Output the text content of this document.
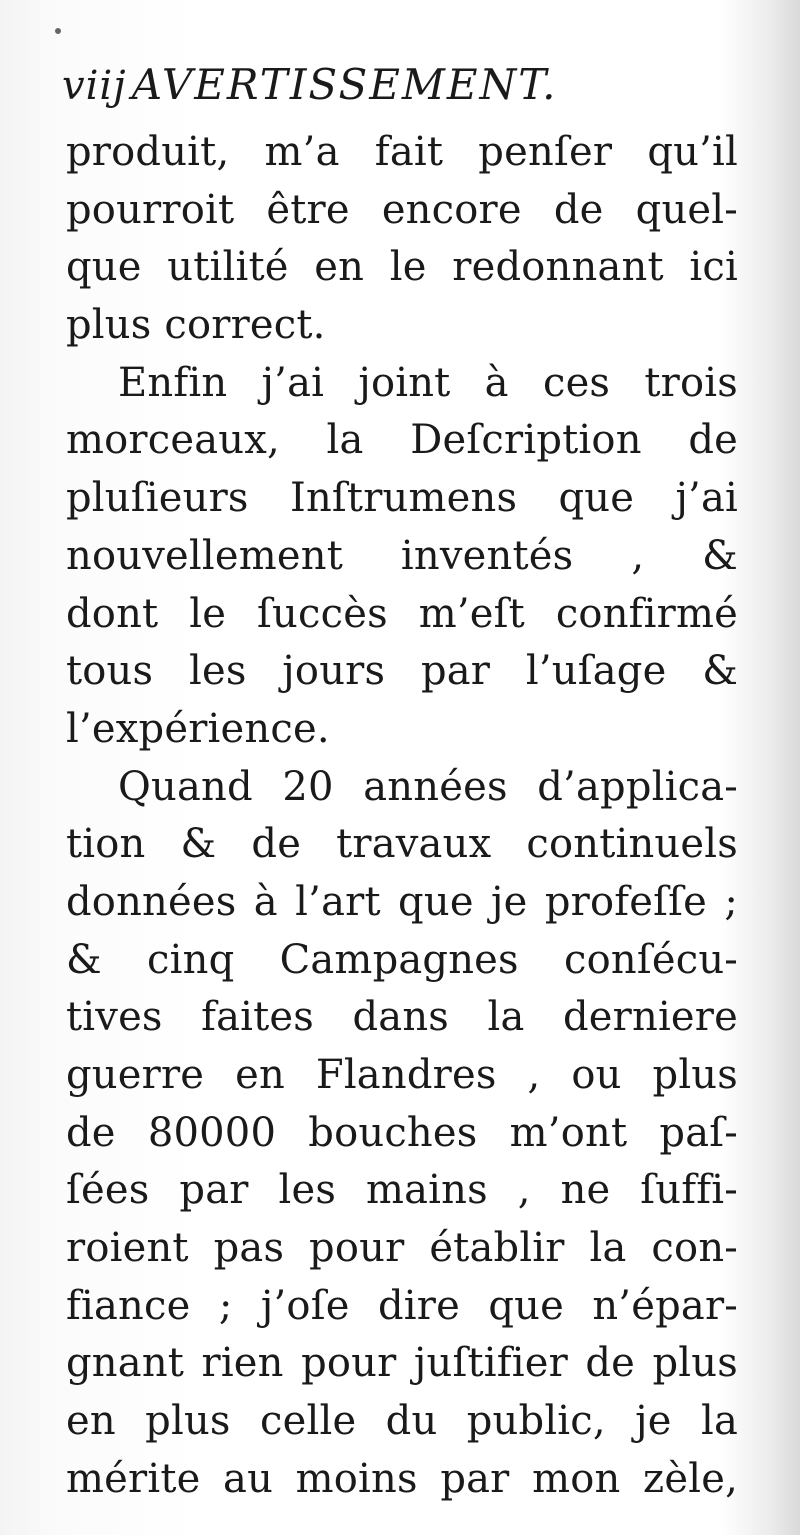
viij AVERTISSEMENT.
produit, m’a fait penſer qu’il
pourroit être encore de quel-
que utilité en le redonnant ici
plus correct.
Enfin j’ai joint à ces trois
morceaux, la Deſcription de
pluſieurs Inſtrumens que j’ai
nouvellement inventés , &
dont le ſuccès m’eſt confirmé
tous les jours par l’uſage &
l’expérience.
Quand 20 années d’applica-
tion & de travaux continuels
données à l’art que je profeſſe ;
& cinq Campagnes conſécu-
tives faites dans la derniere
guerre en Flandres , ou plus
de 80000 bouches m’ont paſ-
ſées par les mains , ne ſuffi-
roient pas pour établir la con-
fiance ; j’oſe dire que n’épar-
gnant rien pour juſtifier de plus
en plus celle du public, je la
mérite au moins par mon zèle,
